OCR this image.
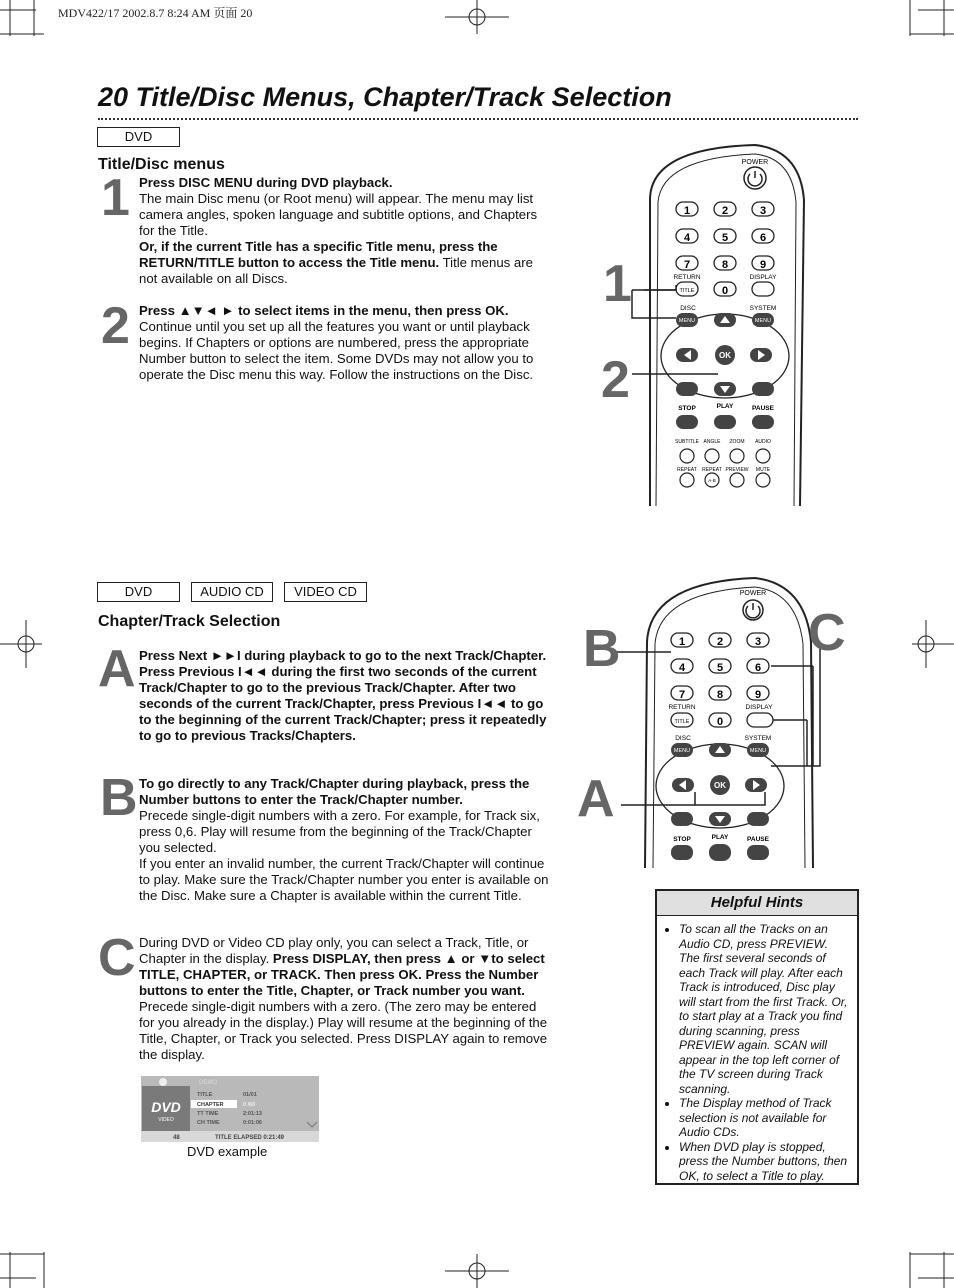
MDV422/17 2002.8.7 8:24 AM 页面 20
20 Title/Disc Menus, Chapter/Track Selection
DVD
Title/Disc menus
1 Press DISC MENU during DVD playback.
The main Disc menu (or Root menu) will appear. The menu may list camera angles, spoken language and subtitle options, and Chapters for the Title.
Or, if the current Title has a specific Title menu, press the RETURN/TITLE button to access the Title menu. Title menus are not available on all Discs.
2 Press ▲▼◄ ► to select items in the menu, then press OK.
Continue until you set up all the features you want or until playback begins. If Chapters or options are numbered, press the appropriate Number button to select the item. Some DVDs may not allow you to operate the Disc menu this way. Follow the instructions on the Disc.
POWER
1	2	3
4	5	6
7	8	9
0
RETURN	DISPLAY
TITLE
DISC	SYSTEM
MENU	MENU
OK
STOP	PLAY	PAUSE
SUBTITLE ANGLE ZOOM AUDIO
REPEAT REPEAT PREVIEW MUTE
A-B
1
2
DVD	AUDIO CD	VIDEO CD
Chapter/Track Selection
A Press Next ►►I during playback to go to the next Track/Chapter. Press Previous I◄◄ during the first two seconds of the current Track/Chapter to go to the previous Track/Chapter. After two seconds of the current Track/Chapter, press Previous I◄◄ to go to the beginning of the current Track/Chapter; press it repeatedly to go to previous Tracks/Chapters.
B To go directly to any Track/Chapter during playback, press the Number buttons to enter the Track/Chapter number.
Precede single-digit numbers with a zero. For example, for Track six, press 0,6. Play will resume from the beginning of the Track/Chapter you selected.
If you enter an invalid number, the current Track/Chapter will continue to play. Make sure the Track/Chapter number you enter is available on the Disc. Make sure a Chapter is available within the current Title.
C During DVD or Video CD play only, you can select a Track, Title, or Chapter in the display. Press DISPLAY, then press ▲ or ▼to select TITLE, CHAPTER, or TRACK. Then press OK. Press the Number buttons to enter the Title, Chapter, or Track number you want. Precede single-digit numbers with a zero. (The zero may be entered for you already in the display.) Play will resume at the beginning of the Title, Chapter, or Track you selected. Press DISPLAY again to remove the display.
DEMO
DVD
VIDEO
TITLE
CHAPTER
TT TIME
CH TIME
01/01
0 /60
2:01:13
0:01:06
48	TITLE ELAPSED 0:21:49
DVD example
POWER
1	2	3
4	5	6
7	8	9
0
RETURN	DISPLAY
TITLE
DISC	SYSTEM
MENU	MENU
OK
STOP	PLAY	PAUSE
B	C
A
Helpful Hints
• To scan all the Tracks on an Audio CD, press PREVIEW. The first several seconds of each Track will play. After each Track is introduced, Disc play will start from the first Track. Or, to start play at a Track you find during scanning, press PREVIEW again. SCAN will appear in the top left corner of the TV screen during Track scanning.
• The Display method of Track selection is not available for Audio CDs.
• When DVD play is stopped, press the Number buttons, then OK, to select a Title to play.
